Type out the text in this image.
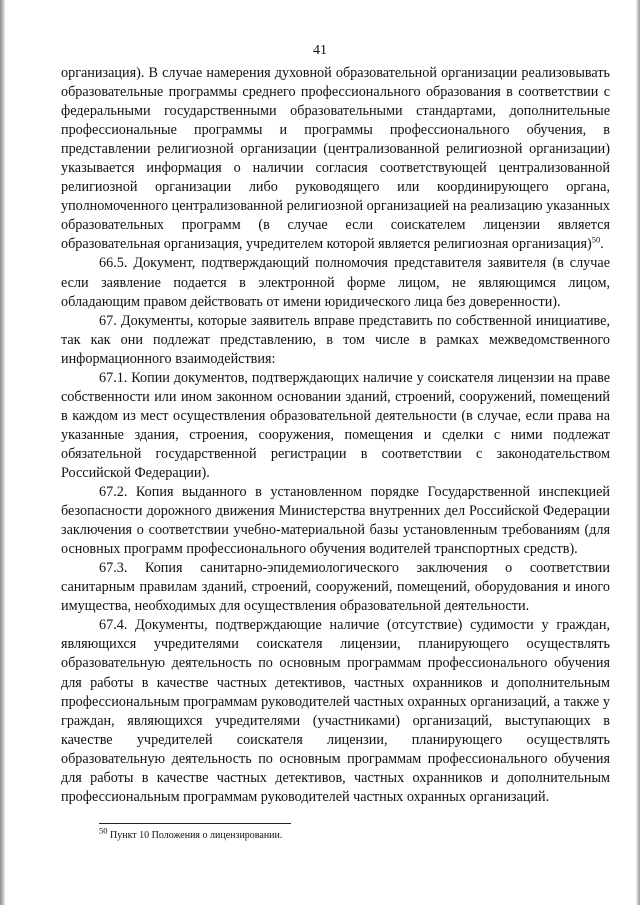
41

организация). В случае намерения духовной образовательной организации реализовывать образовательные программы среднего профессионального образования в соответствии с федеральными государственными образовательными стандартами, дополнительные профессиональные программы и программы профессионального обучения, в представлении религиозной организации (централизованной религиозной организации) указывается информация о наличии согласия соответствующей централизованной религиозной организации либо руководящего или координирующего органа, уполномоченного централизованной религиозной организацией на реализацию указанных образовательных программ (в случае если соискателем лицензии является образовательная организация, учредителем которой является религиозная организация)$^{50}$.

66.5. Документ, подтверждающий полномочия представителя заявителя (в случае если заявление подается в электронной форме лицом, не являющимся лицом, обладающим правом действовать от имени юридического лица без доверенности).

67. Документы, которые заявитель вправе представить по собственной инициативе, так как они подлежат представлению, в том числе в рамках межведомственного информационного взаимодействия:

67.1. Копии документов, подтверждающих наличие у соискателя лицензии на праве собственности или ином законном основании зданий, строений, сооружений, помещений в каждом из мест осуществления образовательной деятельности (в случае, если права на указанные здания, строения, сооружения, помещения и сделки с ними подлежат обязательной государственной регистрации в соответствии с законодательством Российской Федерации).

67.2. Копия выданного в установленном порядке Государственной инспекцией безопасности дорожного движения Министерства внутренних дел Российской Федерации заключения о соответствии учебно-материальной базы установленным требованиям (для основных программ профессионального обучения водителей транспортных средств).

67.3. Копия санитарно-эпидемиологического заключения о соответствии санитарным правилам зданий, строений, сооружений, помещений, оборудования и иного имущества, необходимых для осуществления образовательной деятельности.

67.4. Документы, подтверждающие наличие (отсутствие) судимости у граждан, являющихся учредителями соискателя лицензии, планирующего осуществлять образовательную деятельность по основным программам профессионального обучения для работы в качестве частных детективов, частных охранников и дополнительным профессиональным программам руководителей частных охранных организаций, а также у граждан, являющихся учредителями (участниками) организаций, выступающих в качестве учредителей соискателя лицензии, планирующего осуществлять образовательную деятельность по основным программам профессионального обучения для работы в качестве частных детективов, частных охранников и дополнительным профессиональным программам руководителей частных охранных организаций.

$^{50}$ Пункт 10 Положения о лицензировании.
